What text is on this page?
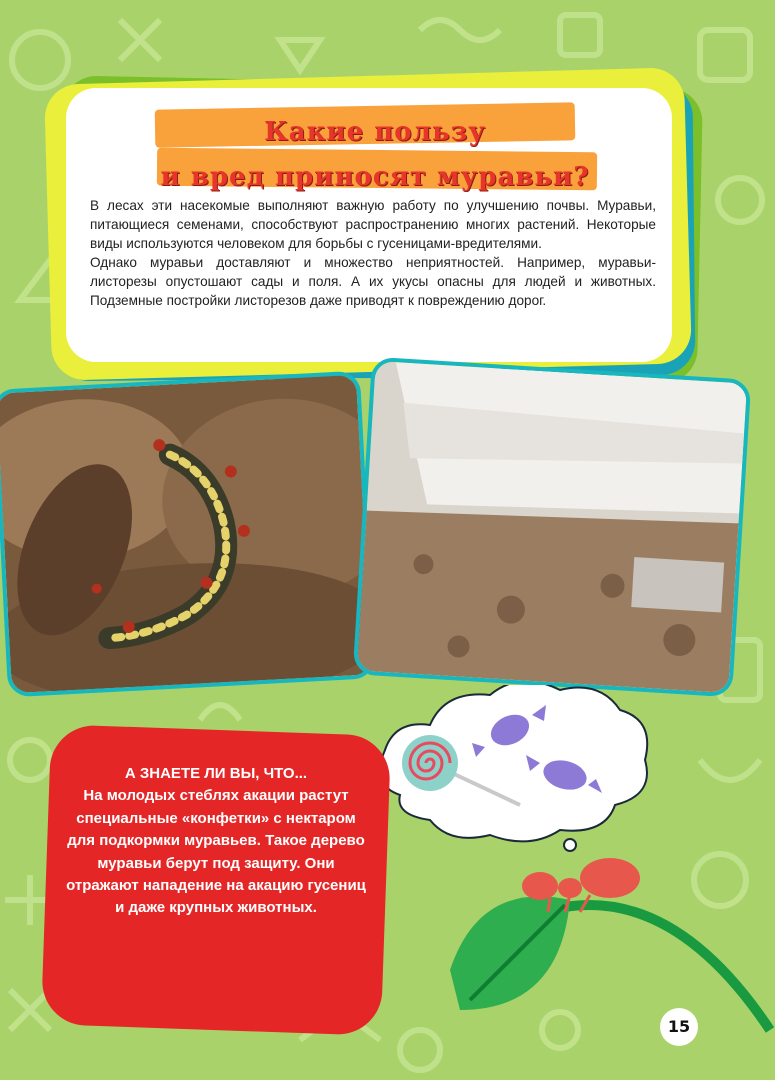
Какие пользу
и вред приносят муравьи?

В лесах эти насекомые выполняют важную работу по улучшению почвы. Муравьи, питающиеся семенами, способствуют распространению многих растений. Некоторые виды используются человеком для борьбы с гусеницами-вредителями.

Однако муравьи доставляют и множество неприятностей. Например, муравьи-листорезы опустошают сады и поля. А их укусы опасны для людей и животных. Подземные постройки листорезов даже приводят к повреждению дорог.

А ЗНАЕТЕ ЛИ ВЫ, ЧТО...
На молодых стеблях акации растут специальные «конфетки» с нектаром для подкормки муравьев. Такое дерево муравьи берут под защиту. Они отражают нападение на акацию гусениц и даже крупных животных.
15
